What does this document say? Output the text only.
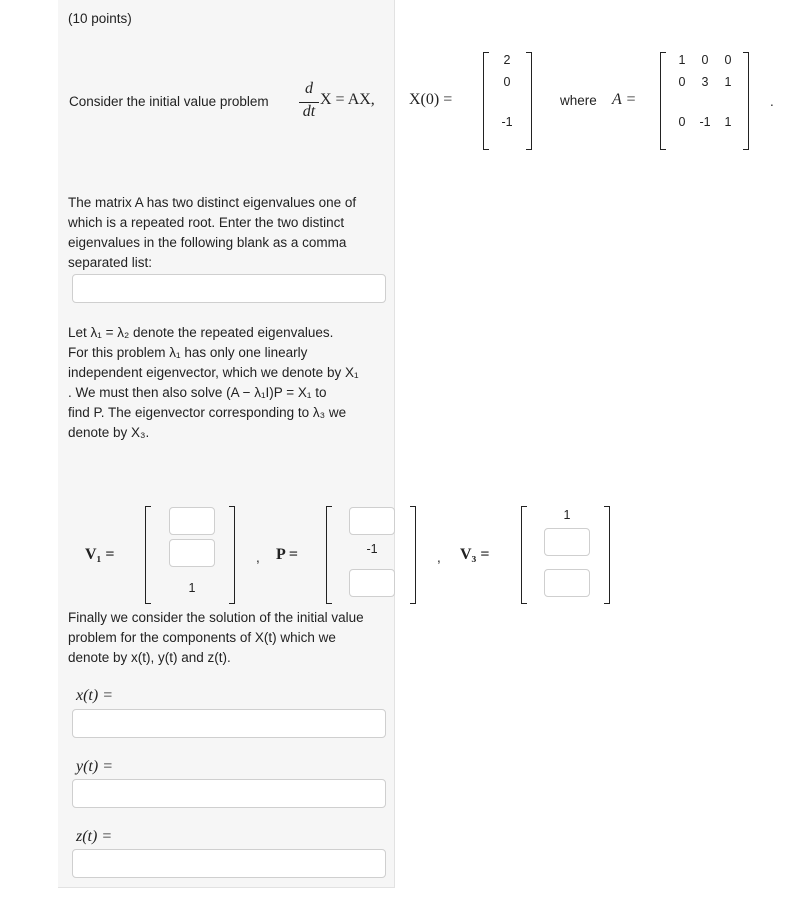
(10 points)
Consider the initial value problem
d
dt
X = AX, X(0) =
2
0
-1
where A =
1	0	0
0	3	1
0	-1	1
.
The matrix A has two distinct eigenvalues one of
which is a repeated root. Enter the two distinct
eigenvalues in the following blank as a comma
separated list:
Let λ₁ = λ₂ denote the repeated eigenvalues.
For this problem λ₁ has only one linearly
independent eigenvector, which we denote by X₁
. We must then also solve (A − λ₁I)P = X₁ to
find P. The eigenvector corresponding to λ₃ we
denote by X₃.
V₁ =
1
, P =	-1
, V₃ =
1
Finally we consider the solution of the initial value
problem for the components of X(t) which we
denote by x(t), y(t) and z(t).
x(t) =
y(t) =
z(t) =
